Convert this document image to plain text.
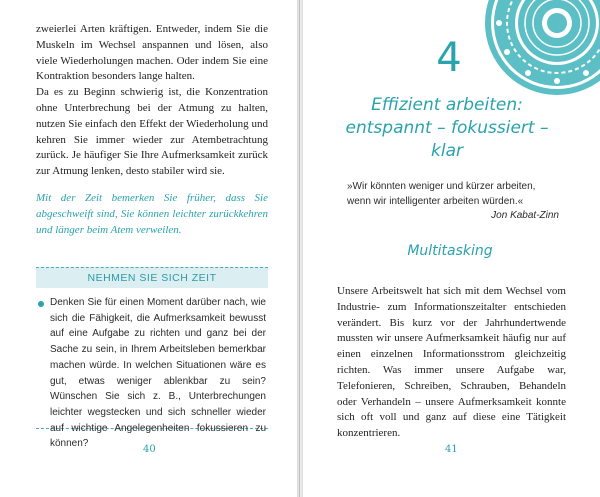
zweierlei Arten kräftigen. Entweder, indem Sie die Muskeln im Wechsel anspannen und lösen, also viele Wiederholungen machen. Oder indem Sie eine Kontraktion besonders lange halten.

Da es zu Beginn schwierig ist, die Konzentration ohne Unterbrechung bei der Atmung zu halten, nutzen Sie einfach den Effekt der Wiederholung und kehren Sie immer wieder zur Atembetrachtung zurück. Je häufiger Sie Ihre Aufmerksamkeit zurück zur Atmung lenken, desto stabiler wird sie.

Mit der Zeit bemerken Sie früher, dass Sie abgeschweift sind, Sie können leichter zurückkehren und länger beim Atem verweilen.
NEHMEN SIE SICH ZEIT
Denken Sie für einen Moment darüber nach, wie sich die Fähigkeit, die Aufmerksamkeit bewusst auf eine Aufgabe zu richten und ganz bei der Sache zu sein, in Ihrem Arbeitsleben bemerkbar machen würde. In welchen Situationen wäre es gut, etwas weniger ablenkbar zu sein? Wünschen Sie sich z. B., Unterbrechungen leichter wegstecken und sich schneller wieder auf wichtige Angelegenheiten fokussieren zu können?
40
4
Effizient arbeiten:
entspannt – fokussiert – klar
»Wir könnten weniger und kürzer arbeiten, wenn wir intelligenter arbeiten würden.«
Jon Kabat-Zinn
Multitasking

Unsere Arbeitswelt hat sich mit dem Wechsel vom Industrie- zum Informationszeitalter entschieden verändert. Bis kurz vor der Jahrhundertwende mussten wir unsere Aufmerksamkeit häufig nur auf einen einzelnen Informationsstrom gleichzeitig richten. Was immer unsere Aufgabe war, Telefonieren, Schreiben, Schrauben, Behandeln oder Verhandeln – unsere Aufmerksamkeit konnte sich oft voll und ganz auf diese eine Tätigkeit konzentrieren.

41
